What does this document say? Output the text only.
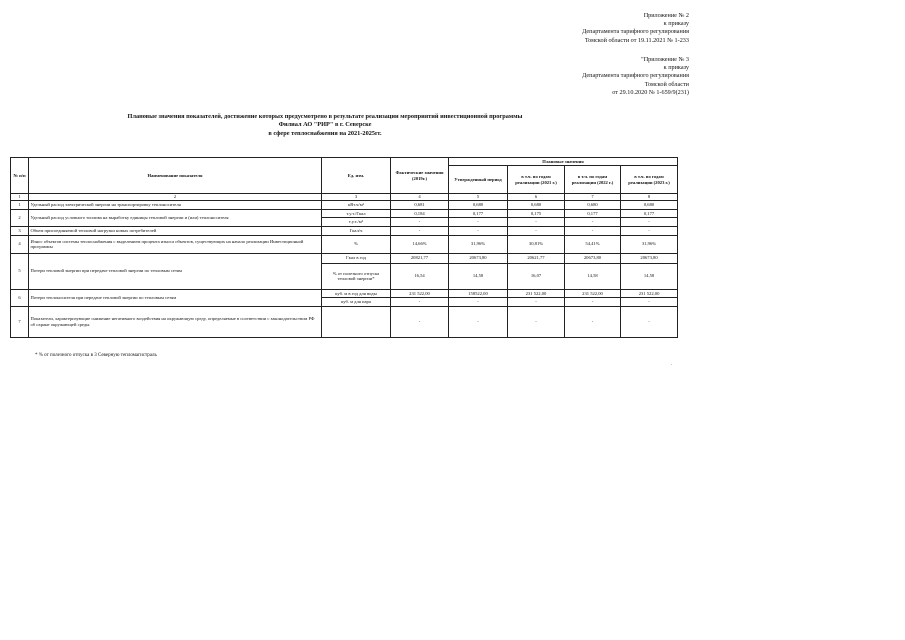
Приложение № 2
к приказу
Департамента тарифного регулирования
Томской области от 19.11.2021 № 1-233
"Приложение № 3
к приказу
Департамента тарифного регулирования
Томской области
от 29.10.2020 № 1-659/9(231)
Плановые значения показателей, достижение которых предусмотрено в результате реализации мероприятий инвестиционной программы
Филиал АО "РИР" в г. Северске
в сфере теплоснабжения на 2021-2025гг.
№ п/п	Наименование показателя	Ед. изм.	Фактические значения (2019г.)	Плановые значения			
				Утвержденный период	в т.ч. по годам реализации (2021 г.)	в т.ч. по годам реализации (2022 г.)	в т.ч. по годам реализации (2023 г.)
1	2	3	4	5	6	7	8
1	Удельный расход электрической энергии на транспортировку теплоносителя	кВт.ч/м³	0,681	0,680	0,680	0,680	0,680
2	Удельный расход условного топлива на выработку единицы тепловой энергии и (или) теплоносителя	т.у.т./Гкал	0,184	0,177	0,175	0,177	0,177
		т.у.т./м³	-	-	-	-	-
3	Объем присоединяемой тепловой нагрузки новых потребителей	Гкал/ч	-	-	-	-	-
4	Износ объектов системы теплоснабжения с выделением процента износа объектов, существующих на начало реализации Инвестиционной программы	%	14,66%	31,96%	30,81%	54,41%	31,96%
5	Потери тепловой энергии при передаче тепловой энергии по тепловым сетям	Гкал в год	20821,77	20673,80	20621,77	20673,80	20673,80
		% от полезного отпуска тепловой энергии*	16,54	14,58	16,07	14,58	14,58
6	Потери теплоносителя при передаче тепловой энергии по тепловым сетям	куб. м в год для воды	231 522,00	158522,00	231 522,00	231 522,00	231 522,00
		куб. м для пара	-	-	-	-	-
7	Показатели, характеризующие снижение негативного воздействия на окружающую среду, определяемые в соответствии с законодательством РФ об охране окружающей среды.		-	-	-	-	-
* % от полезного отпуска в 3 Северную тепломагистраль
"
